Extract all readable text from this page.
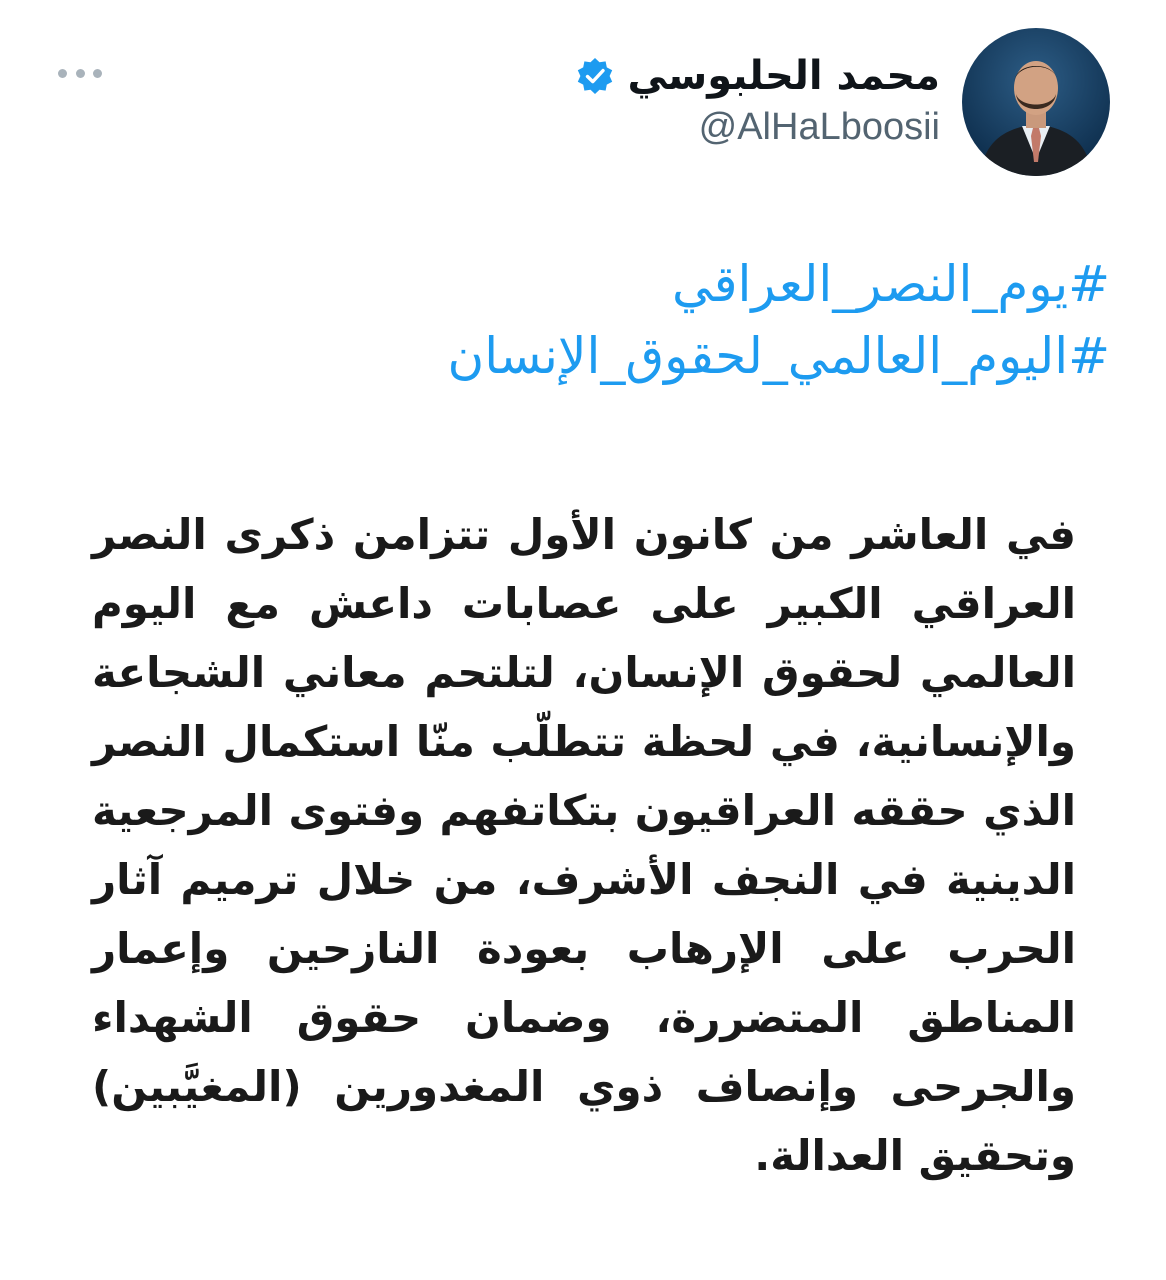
محمد الحلبوسي
@AlHaLboosii
#يوم_النصر_العراقي
#اليوم_العالمي_لحقوق_الإنسان

في العاشر من كانون الأول تتزامن ذكرى النصر العراقي الكبير على عصابات داعش مع اليوم العالمي لحقوق الإنسان، لتلتحم معاني الشجاعة والإنسانية، في لحظة تتطلّب منّا استكمال النصر الذي حققه العراقيون بتكاتفهم وفتوى المرجعية الدينية في النجف الأشرف، من خلال ترميم آثار الحرب على الإرهاب بعودة النازحين وإعمار المناطق المتضررة، وضمان حقوق الشهداء والجرحى وإنصاف ذوي المغدورين (المغيَّبين) وتحقيق العدالة.
